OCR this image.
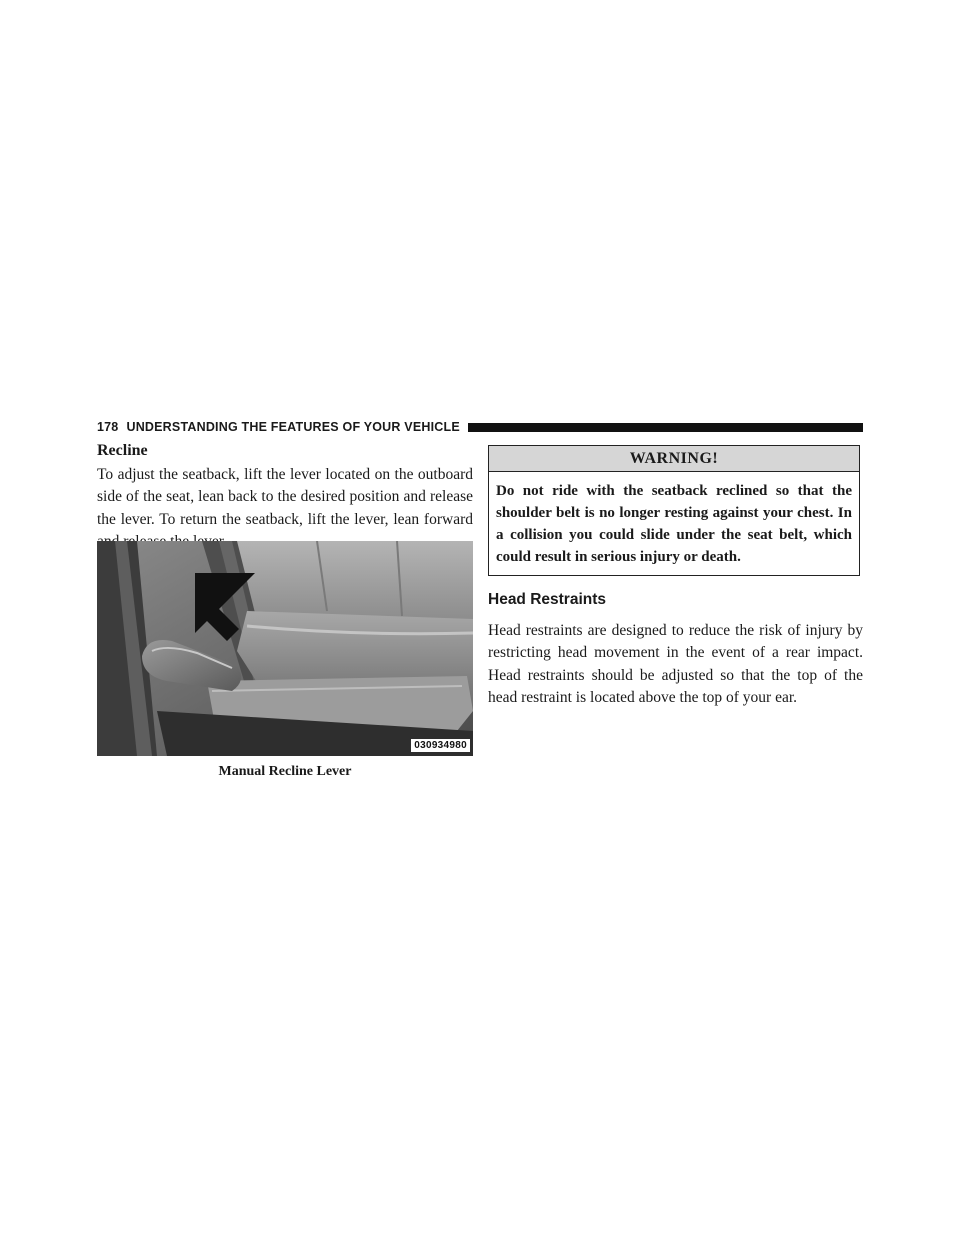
178 UNDERSTANDING THE FEATURES OF YOUR VEHICLE
Recline

To adjust the seatback, lift the lever located on the outboard side of the seat, lean back to the desired position and release the lever. To return the seatback, lift the lever, lean forward

030934980
Manual Recline Lever
WARNING!
Do not ride with the seatback reclined so that the shoulder belt is no longer resting against your chest. In a collision you could slide under the seat belt, which could result in serious injury or death.
Head Restraints

Head restraints are designed to reduce the risk of injury by restricting head movement in the event of a rear impact. Head restraints should be adjusted so that the top of the head restraint is located above the top of your ear.
